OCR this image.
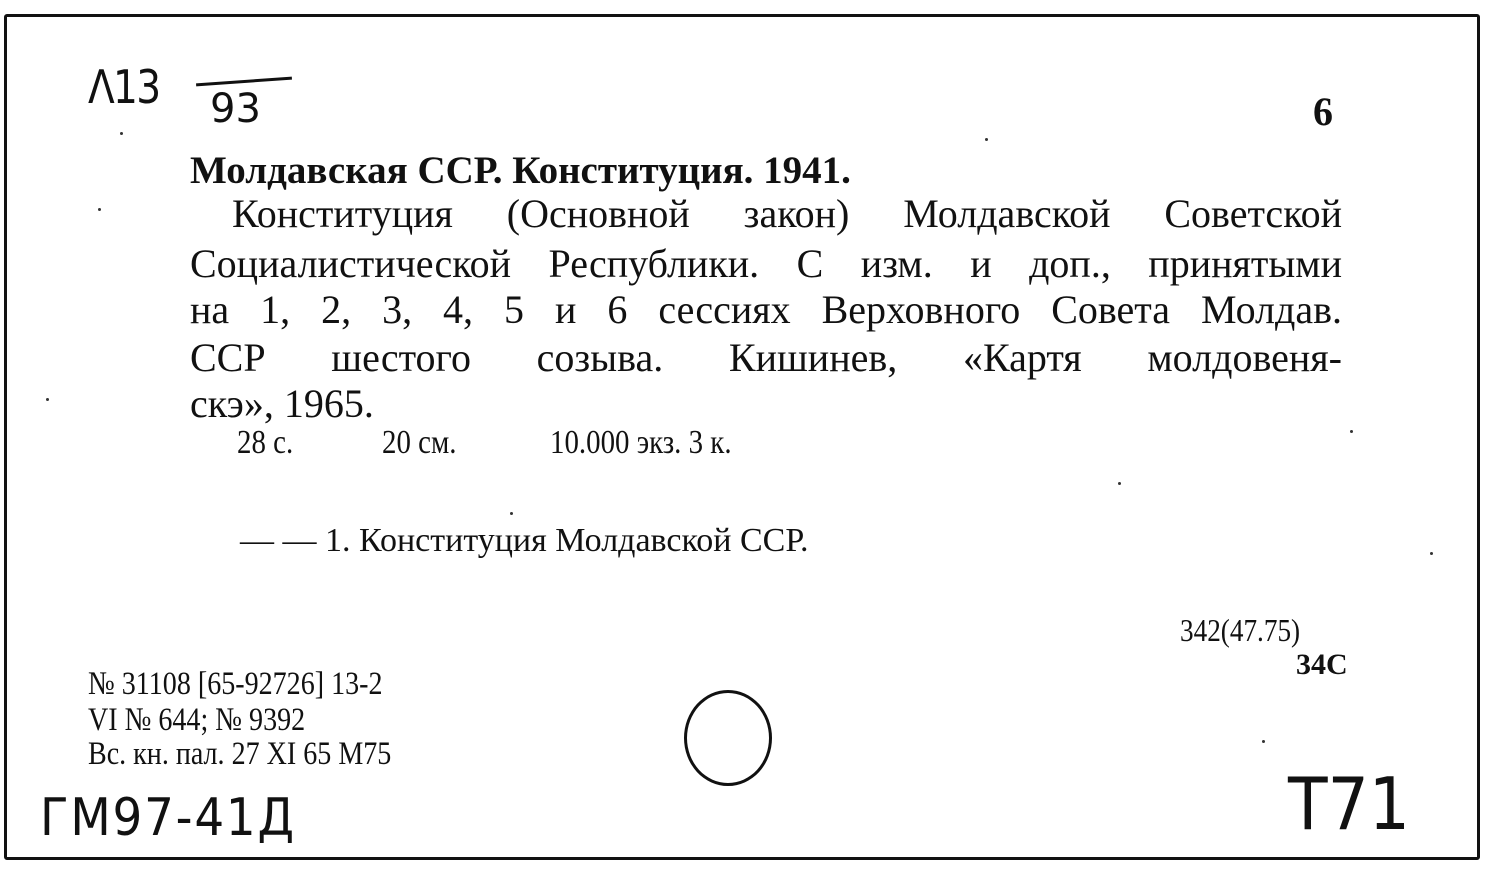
Λ13 93	6
Молдавская ССР. Конституция. 1941.
Конституция (Основной закон) Молдавской Советской
Социалистической Республики. С изм. и доп., принятыми
на 1, 2, 3, 4, 5 и 6 сессиях Верховного Совета Молдав.
ССР шестого созыва. Кишинев, «Картя молдовеня-
скэ», 1965.
28 с.	20 см.	10.000 экз. 3 к.
— — 1. Конституция Молдавской ССР.
342(47.75)
34С
№ 31108 [65-92726] 13-2
VI № 644; № 9392
Вс. кн. пал. 27 XI 65 Μ75
ГМ97-41Д	Т71
